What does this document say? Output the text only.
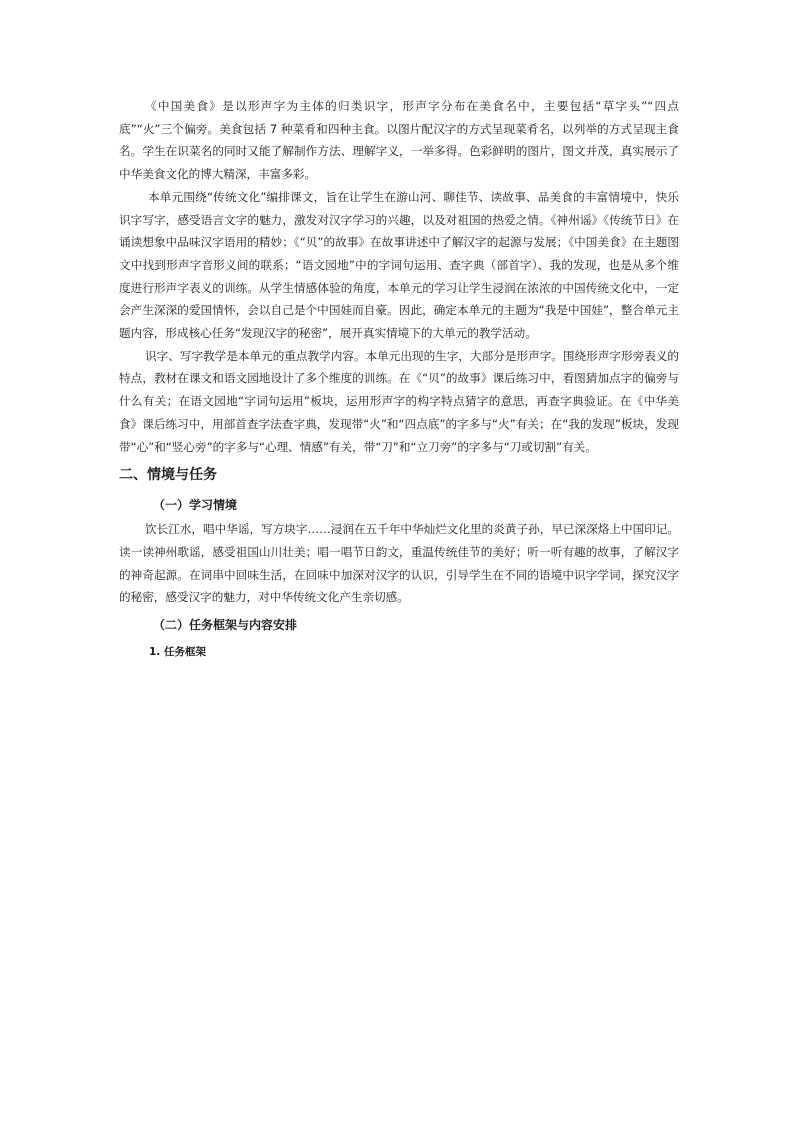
《中国美食》是以形声字为主体的归类识字，形声字分布在美食名中，主要包括“草字头”“四点底”“火”三个偏旁。美食包括 7 种菜肴和四种主食。以图片配汉字的方式呈现菜肴名，以列举的方式呈现主食名。学生在识菜名的同时又能了解制作方法、理解字义，一举多得。色彩鲜明的图片，图文并茂，真实展示了中华美食文化的博大精深，丰富多彩。

本单元围绕“传统文化”编排课文，旨在让学生在游山河、聊佳节、读故事、品美食的丰富情境中，快乐识字写字，感受语言文字的魅力，激发对汉字学习的兴趣，以及对祖国的热爱之情。《神州谣》《传统节日》在诵读想象中品味汉字语用的精妙；《“贝”的故事》在故事讲述中了解汉字的起源与发展；《中国美食》在主题图文中找到形声字音形义间的联系；“语文园地”中的字词句运用、查字典（部首字）、我的发现，也是从多个维度进行形声字表义的训练。从学生情感体验的角度，本单元的学习让学生浸润在浓浓的中国传统文化中，一定会产生深深的爱国情怀，会以自己是个中国娃而自豪。因此，确定本单元的主题为“我是中国娃”，整合单元主题内容，形成核心任务“发现汉字的秘密”，展开真实情境下的大单元的教学活动。

识字、写字教学是本单元的重点教学内容。本单元出现的生字，大部分是形声字。围绕形声字形旁表义的特点，教材在课文和语文园地设计了多个维度的训练。在《“贝”的故事》课后练习中，看图猜加点字的偏旁与什么有关；在语文园地“字词句运用”板块，运用形声字的构字特点猜字的意思，再查字典验证。在《中华美食》课后练习中，用部首查字法查字典，发现带“火”和“四点底”的字多与“火”有关；在“我的发现”板块，发现带“心”和“竖心旁”的字多与“心理、情感”有关，带“刀”和“立刀旁”的字多与“刀或切割”有关。

二、情境与任务
（一）学习情境

饮长江水，唱中华谣，写方块字……浸润在五千年中华灿烂文化里的炎黄子孙，早已深深烙上中国印记。读一读神州歌谣，感受祖国山川壮美；唱一唱节日韵文，重温传统佳节的美好；听一听有趣的故事，了解汉字的神奇起源。在词串中回味生活，在回味中加深对汉字的认识，引导学生在不同的语境中识字学词，探究汉字的秘密，感受汉字的魅力，对中华传统文化产生亲切感。

（二）任务框架与内容安排
1. 任务框架
